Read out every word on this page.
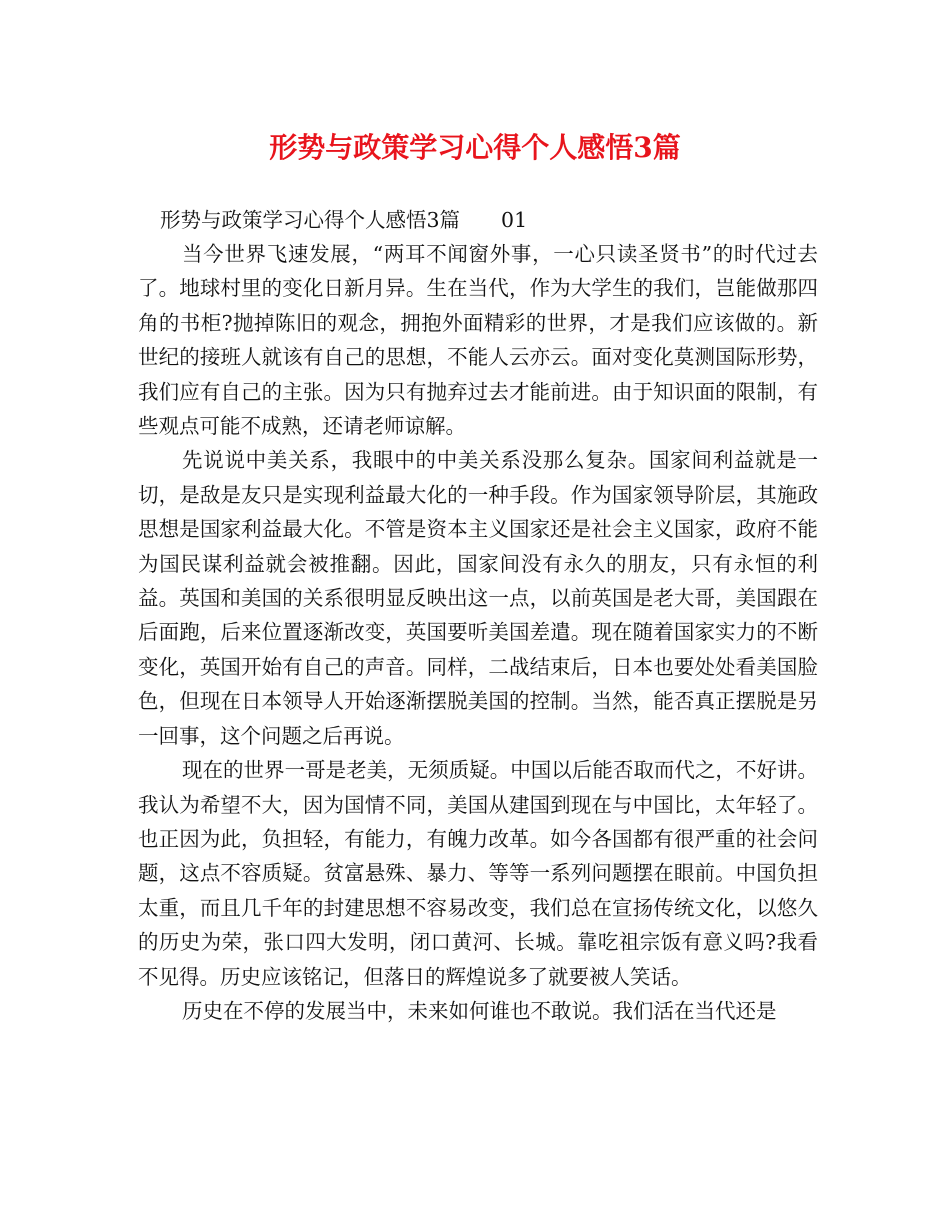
形势与政策学习心得个人感悟3篇
形势与政策学习心得个人感悟3篇　　01

当今世界飞速发展，“两耳不闻窗外事，一心只读圣贤书”的时代过去了。地球村里的变化日新月异。生在当代，作为大学生的我们，岂能做那四角的书柜?抛掉陈旧的观念，拥抱外面精彩的世界，才是我们应该做的。新世纪的接班人就该有自己的思想，不能人云亦云。面对变化莫测国际形势，我们应有自己的主张。因为只有抛弃过去才能前进。由于知识面的限制，有些观点可能不成熟，还请老师谅解。

先说说中美关系，我眼中的中美关系没那么复杂。国家间利益就是一切，是敌是友只是实现利益最大化的一种手段。作为国家领导阶层，其施政思想是国家利益最大化。不管是资本主义国家还是社会主义国家，政府不能为国民谋利益就会被推翻。因此，国家间没有永久的朋友，只有永恒的利益。英国和美国的关系很明显反映出这一点，以前英国是老大哥，美国跟在后面跑，后来位置逐渐改变，英国要听美国差遣。现在随着国家实力的不断变化，英国开始有自己的声音。同样，二战结束后，日本也要处处看美国脸色，但现在日本领导人开始逐渐摆脱美国的控制。当然，能否真正摆脱是另一回事，这个问题之后再说。

现在的世界一哥是老美，无须质疑。中国以后能否取而代之，不好讲。我认为希望不大，因为国情不同，美国从建国到现在与中国比，太年轻了。也正因为此，负担轻，有能力，有魄力改革。如今各国都有很严重的社会问题，这点不容质疑。贫富悬殊、暴力、等等一系列问题摆在眼前。中国负担太重，而且几千年的封建思想不容易改变，我们总在宣扬传统文化，以悠久的历史为荣，张口四大发明，闭口黄河、长城。靠吃祖宗饭有意义吗?我看不见得。历史应该铭记，但落日的辉煌说多了就要被人笑话。

历史在不停的发展当中，未来如何谁也不敢说。我们活在当代还是
